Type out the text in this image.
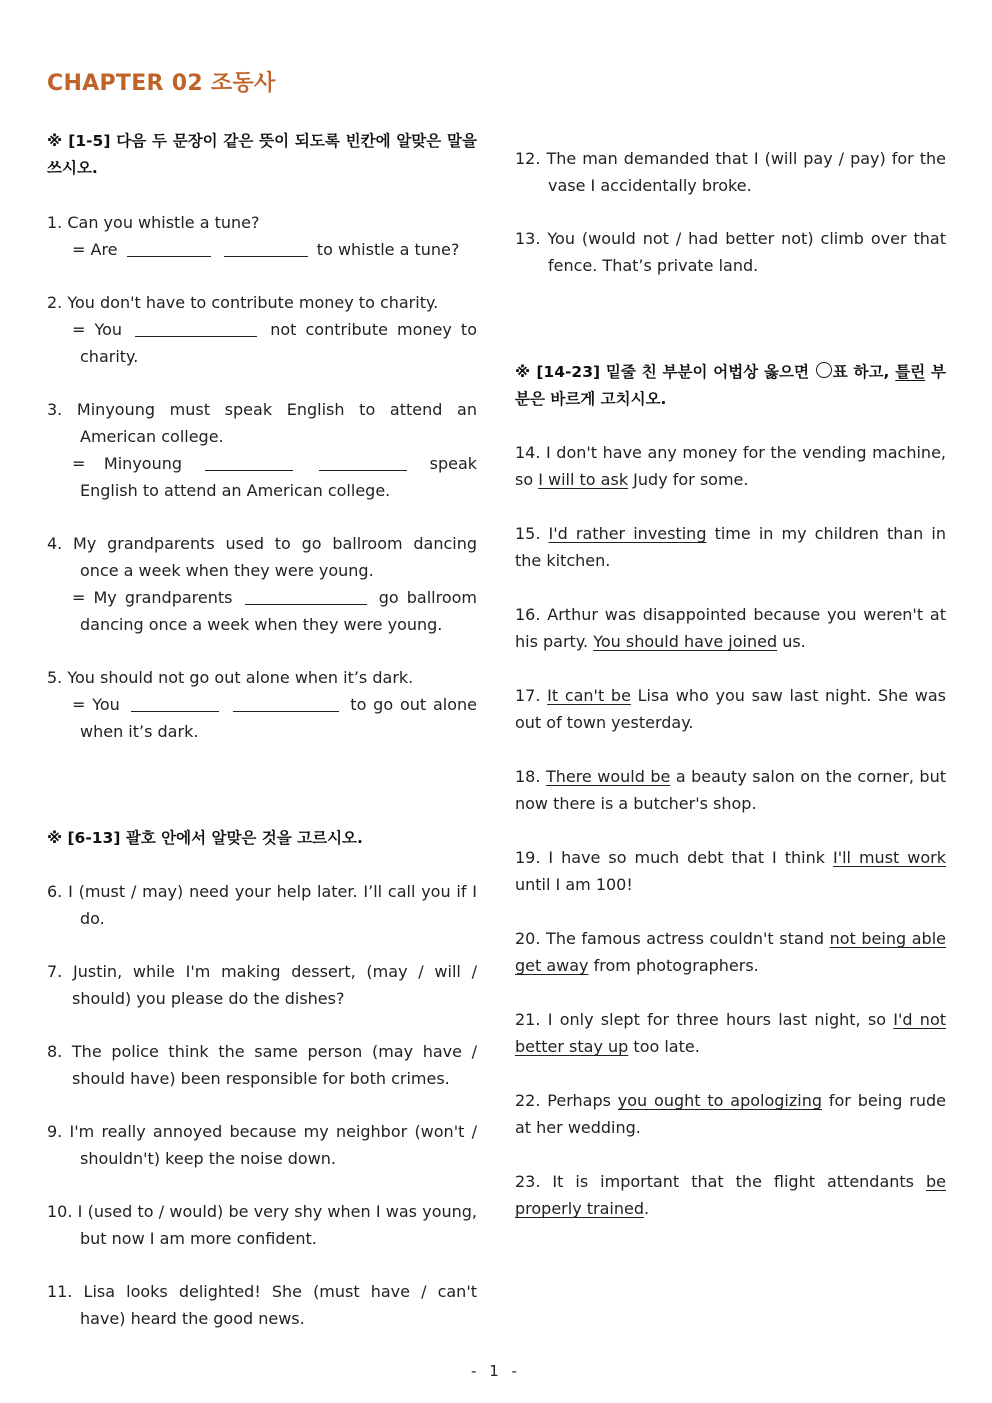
CHAPTER 02 조동사

※ [1-5] 다음 두 문장이 같은 뜻이 되도록 빈칸에 알맞은 말을 쓰시오.

1. Can you whistle a tune?
= Are	to whistle a tune?
2. You don't have to contribute money to charity.
= You	not contribute money to charity.
3. Minyoung must speak English to attend an American college.
= Minyoung	speak English to attend an American college.
4. My grandparents used to go ballroom dancing once a week when they were young.
= My grandparents	go ballroom dancing once a week when they were young.
5. You should not go out alone when it’s dark.
= You	to go out alone when it’s dark.

※ [6-13] 괄호 안에서 알맞은 것을 고르시오.

6. I (must / may) need your help later. I’ll call you if I do.

7. Justin, while I'm making dessert, (may / will / should) you please do the dishes?

8. The police think the same person (may have / should have) been responsible for both crimes.

9. I'm really annoyed because my neighbor (won't / shouldn't) keep the noise down.

10. I (used to / would) be very shy when I was young, but now I am more confident.

11. Lisa looks delighted! She (must have / can't have) heard the good news.

12. The man demanded that I (will pay / pay) for the vase I accidentally broke.

13. You (would not / had better not) climb over that fence. That’s private land.

※ [14-23] 밑줄 친 부분이 어법상 옳으면 표 하고, 틀린 부분은 바르게 고치시오.

14. I don't have any money for the vending machine, so I will to ask Judy for some.

15. I'd rather investing time in my children than in the kitchen.

16. Arthur was disappointed because you weren't at his party. You should have joined us.

17. It can't be Lisa who you saw last night. She was out of town yesterday.

18. There would be a beauty salon on the corner, but now there is a butcher's shop.

19. I have so much debt that I think I'll must work until I am 100!

20. The famous actress couldn't stand not being able get away from photographers.

21. I only slept for three hours last night, so I'd not better stay up too late.

22. Perhaps you ought to apologizing for being rude at her wedding.

23. It is important that the flight attendants be properly trained.

- 1 -
